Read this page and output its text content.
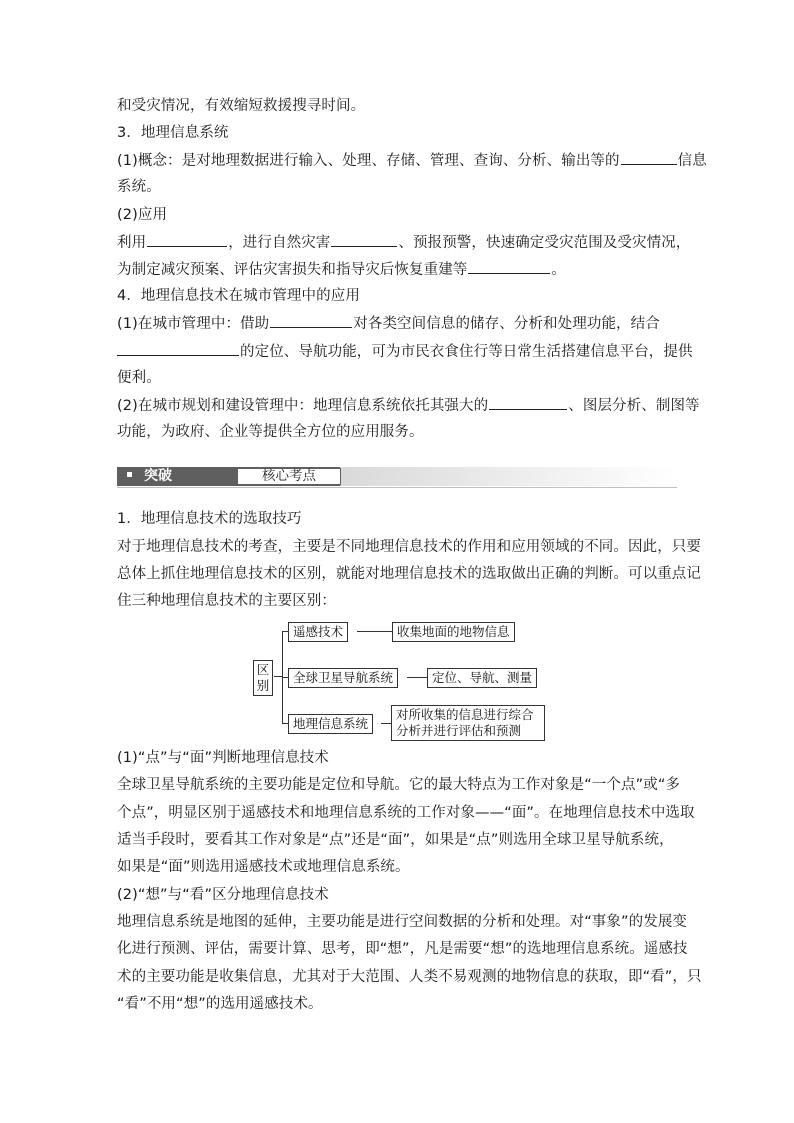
和受灾情况，有效缩短救援搜寻时间。
3．地理信息系统
(1)概念：是对地理数据进行输入、处理、存储、管理、查询、分析、输出等的	信息
系统。
(2)应用
利用	，进行自然灾害	、预报预警，快速确定受灾范围及受灾情况，
为制定减灾预案、评估灾害损失和指导灾后恢复重建等	。
4．地理信息技术在城市管理中的应用
(1)在城市管理中：借助	对各类空间信息的储存、分析和处理功能，结合
的定位、导航功能，可为市民衣食住行等日常生活搭建信息平台，提供
便利。
(2)在城市规划和建设管理中：地理信息系统依托其强大的	、图层分析、制图等
功能，为政府、企业等提供全方位的应用服务。
突破	核心考点
1．地理信息技术的选取技巧
对于地理信息技术的考查，主要是不同地理信息技术的作用和应用领域的不同。因此，只要
总体上抓住地理信息技术的区别，就能对地理信息技术的选取做出正确的判断。可以重点记
住三种地理信息技术的主要区别：
区别
遥感技术	收集地面的地物信息
全球卫星导航系统	定位、导航、测量
地理信息系统
对所收集的信息进行综合
分析并进行评估和预测
(1)“点”与“面”判断地理信息技术
全球卫星导航系统的主要功能是定位和导航。它的最大特点为工作对象是“一个点”或“多
个点”，明显区别于遥感技术和地理信息系统的工作对象——“面”。在地理信息技术中选取
适当手段时，要看其工作对象是“点”还是“面”，如果是“点”则选用全球卫星导航系统，
如果是“面”则选用遥感技术或地理信息系统。
(2)“想”与“看”区分地理信息技术
地理信息系统是地图的延伸，主要功能是进行空间数据的分析和处理。对“事象”的发展变
化进行预测、评估，需要计算、思考，即“想”，凡是需要“想”的选地理信息系统。遥感技
术的主要功能是收集信息，尤其对于大范围、人类不易观测的地物信息的获取，即“看”，只
“看”不用“想”的选用遥感技术。
